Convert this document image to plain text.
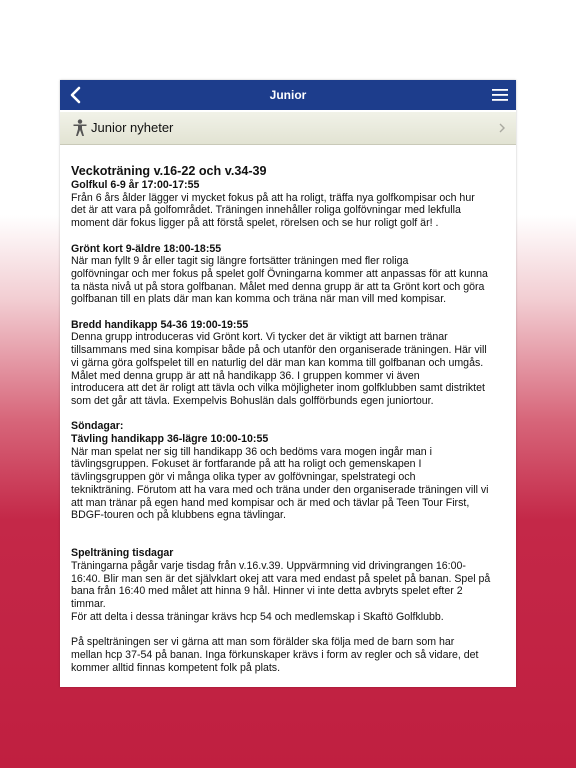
Junior
Junior nyheter
Veckoträning v.16-22 och v.34-39
Golfkul 6-9 år 17:00-17:55
Från 6 års ålder lägger vi mycket fokus på att ha roligt, träffa nya golfkompisar och hur
det är att vara på golfområdet. Träningen innehåller roliga golfövningar med lekfulla
moment där fokus ligger på att förstå spelet, rörelsen och se hur roligt golf är! .
Grönt kort 9-äldre 18:00-18:55
När man fyllt 9 år eller tagit sig längre fortsätter träningen med fler roliga
golfövningar och mer fokus på spelet golf Övningarna kommer att anpassas för att kunna
ta nästa nivå ut på stora golfbanan. Målet med denna grupp är att ta Grönt kort och göra
golfbanan till en plats där man kan komma och träna när man vill med kompisar.
Bredd handikapp 54-36 19:00-19:55
Denna grupp introduceras vid Grönt kort. Vi tycker det är viktigt att barnen tränar
tillsammans med sina kompisar både på och utanför den organiserade träningen. Här vill
vi gärna göra golfspelet till en naturlig del där man kan komma till golfbanan och umgås.
Målet med denna grupp är att nå handikapp 36. I gruppen kommer vi även
introducera att det är roligt att tävla och vilka möjligheter inom golfklubben samt distriktet
som det går att tävla. Exempelvis Bohuslän dals golfförbunds egen juniortour.
Söndagar:
Tävling handikapp 36-lägre 10:00-10:55
När man spelat ner sig till handikapp 36 och bedöms vara mogen ingår man i
tävlingsgruppen. Fokuset är fortfarande på att ha roligt och gemenskapen I
tävlingsgruppen gör vi många olika typer av golfövningar, spelstrategi och
teknikträning. Förutom att ha vara med och träna under den organiserade träningen vill vi
att man tränar på egen hand med kompisar och är med och tävlar på Teen Tour First,
BDGF-touren och på klubbens egna tävlingar.
Spelträning tisdagar
Träningarna pågår varje tisdag från v.16.v.39. Uppvärmning vid drivingrangen 16:00-
16:40. Blir man sen är det självklart okej att vara med endast på spelet på banan. Spel på
bana från 16:40 med målet att hinna 9 hål. Hinner vi inte detta avbryts spelet efter 2
timmar.
För att delta i dessa träningar krävs hcp 54 och medlemskap i Skaftö Golfklubb.
På spelträningen ser vi gärna att man som förälder ska följa med de barn som har
mellan hcp 37-54 på banan. Inga förkunskaper krävs i form av regler och så vidare, det
kommer alltid finnas kompetent folk på plats.
